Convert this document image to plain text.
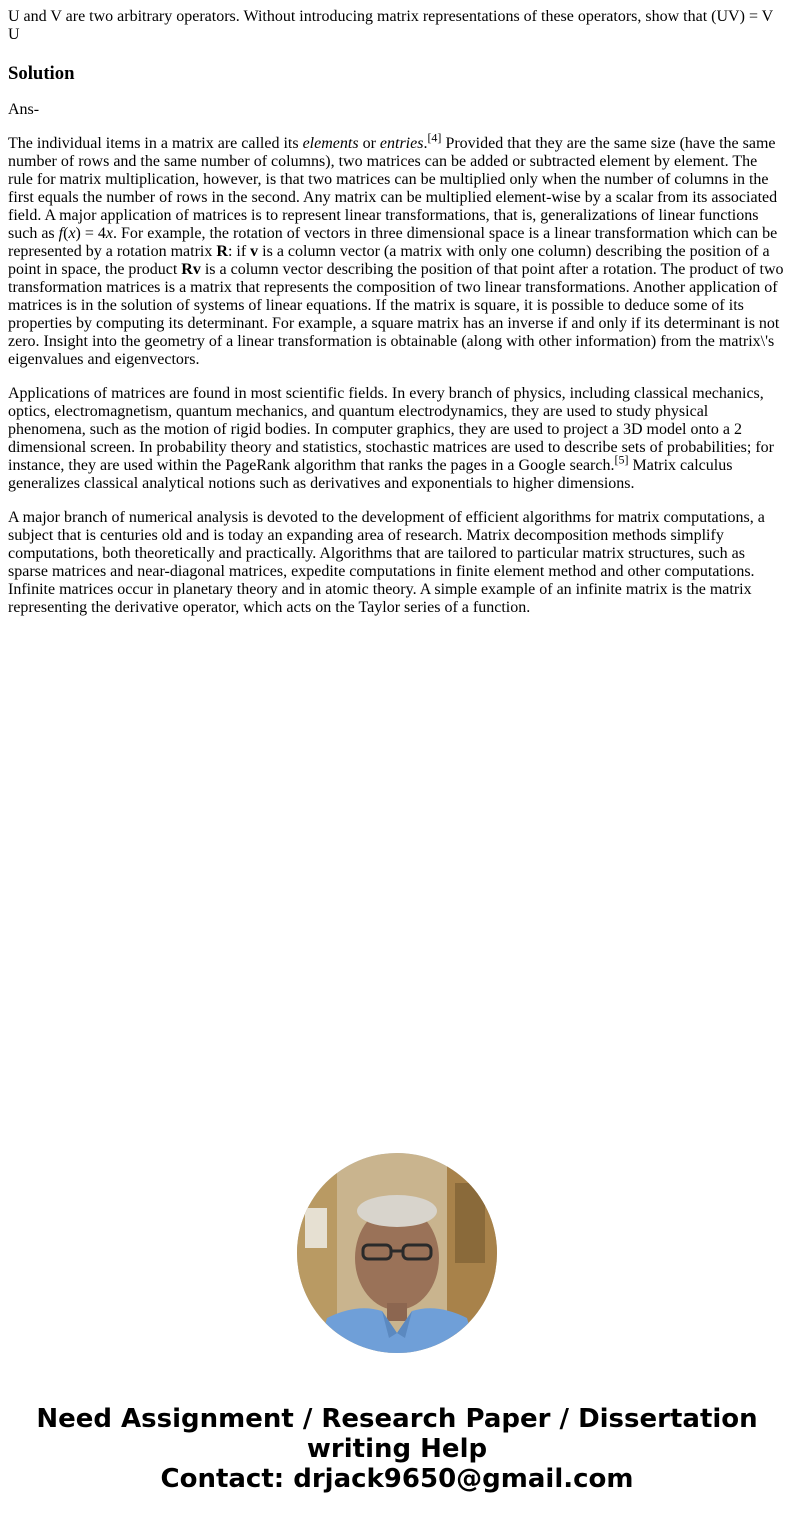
U and V are two arbitrary operators. Without introducing matrix representations of these operators, show that (UV) = V U
Solution

Ans-

The individual items in a matrix are called its elements or entries.[4] Provided that they are the same size (have the same number of rows and the same number of columns), two matrices can be added or subtracted element by element. The rule for matrix multiplication, however, is that two matrices can be multiplied only when the number of columns in the first equals the number of rows in the second. Any matrix can be multiplied element-wise by a scalar from its associated field. A major application of matrices is to represent linear transformations, that is, generalizations of linear functions such as f(x) = 4x. For example, the rotation of vectors in three dimensional space is a linear transformation which can be represented by a rotation matrix R: if v is a column vector (a matrix with only one column) describing the position of a point in space, the product Rv is a column vector describing the position of that point after a rotation. The product of two transformation matrices is a matrix that represents the composition of two linear transformations. Another application of matrices is in the solution of systems of linear equations. If the matrix is square, it is possible to deduce some of its properties by computing its determinant. For example, a square matrix has an inverse if and only if its determinant is not zero. Insight into the geometry of a linear transformation is obtainable (along with other information) from the matrix\'s eigenvalues and eigenvectors.

Applications of matrices are found in most scientific fields. In every branch of physics, including classical mechanics, optics, electromagnetism, quantum mechanics, and quantum electrodynamics, they are used to study physical phenomena, such as the motion of rigid bodies. In computer graphics, they are used to project a 3D model onto a 2 dimensional screen. In probability theory and statistics, stochastic matrices are used to describe sets of probabilities; for instance, they are used within the PageRank algorithm that ranks the pages in a Google search.[5] Matrix calculus generalizes classical analytical notions such as derivatives and exponentials to higher dimensions.

A major branch of numerical analysis is devoted to the development of efficient algorithms for matrix computations, a subject that is centuries old and is today an expanding area of research. Matrix decomposition methods simplify computations, both theoretically and practically. Algorithms that are tailored to particular matrix structures, such as sparse matrices and near-diagonal matrices, expedite computations in finite element method and other computations. Infinite matrices occur in planetary theory and in atomic theory. A simple example of an infinite matrix is the matrix representing the derivative operator, which acts on the Taylor series of a function.

Need Assignment / Research Paper / Dissertation
writing Help
Contact: drjack9650@gmail.com
